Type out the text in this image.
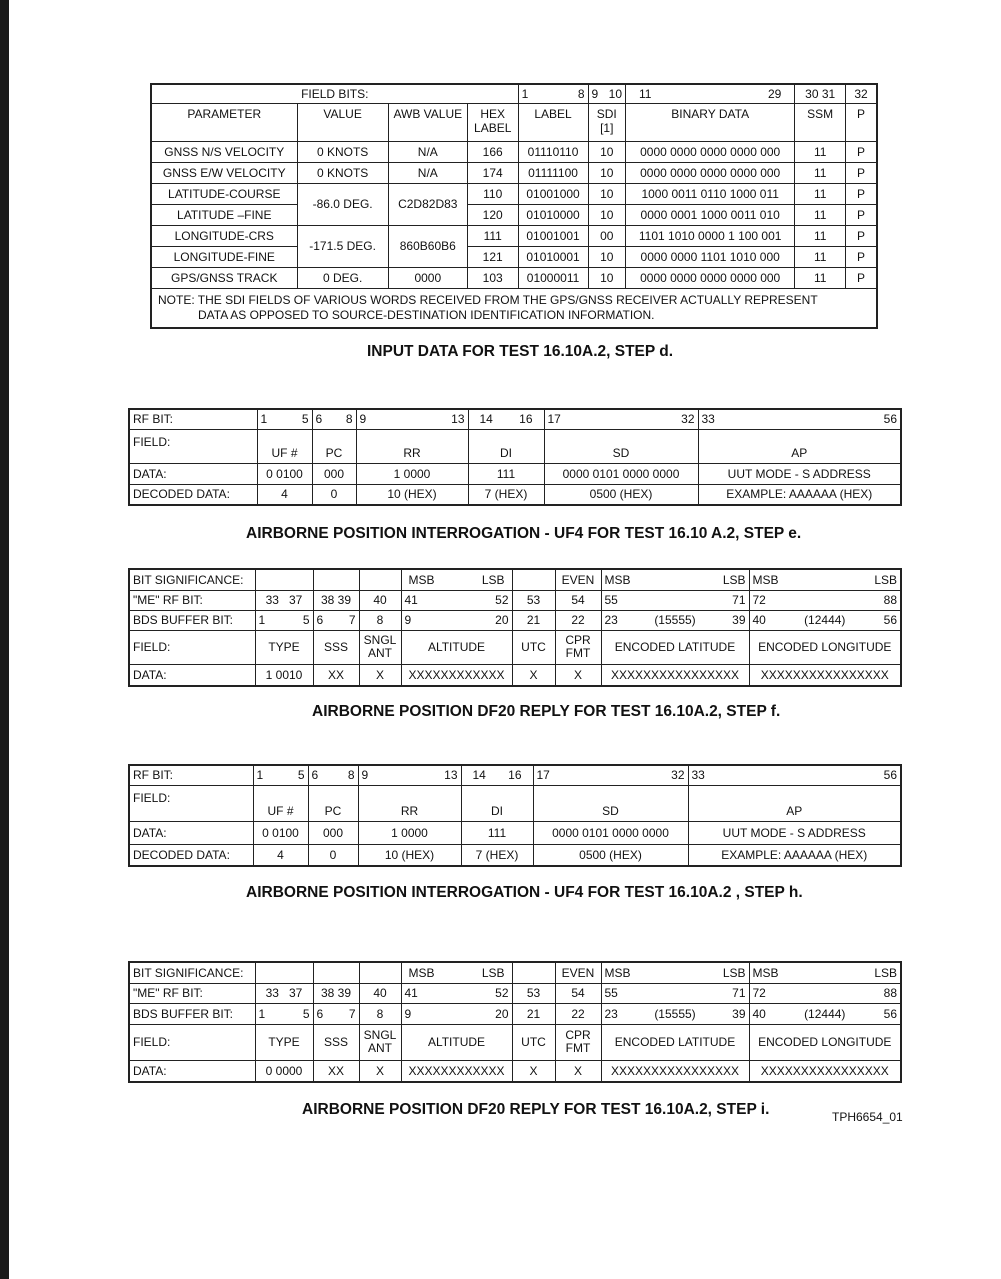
FIELD BITS:				1 8	9 10	11 29	30 31	32
PARAMETER	VALUE	AWB VALUE	HEX LABEL	LABEL	SDI [1]	BINARY DATA	SSM	P
GNSS N/S VELOCITY	0 KNOTS	N/A	166	01110110	10	0000 0000 0000 0000 000	11	P
GNSS E/W VELOCITY	0 KNOTS	N/A	174	01111100	10	0000 0000 0000 0000 000	11	P
LATITUDE-COURSE	-86.0 DEG.	C2D82D83	110	01001000	10	1000 0011 0110 1000 011	11	P
LATITUDE –FINE			120	01010000	10	0000 0001 1000 0011 010	11	P
LONGITUDE-CRS	-171.5 DEG.	860B60B6	111	01001001	00	1101 1010 0000 1 100 001	11	P
LONGITUDE-FINE			121	01010001	10	0000 0000 1101 1010 000	11	P
GPS/GNSS TRACK	0 DEG.	0000	103	01000011	10	0000 0000 0000 0000 000	11	P

NOTE: THE SDI FIELDS OF VARIOUS WORDS RECEIVED FROM THE GPS/GNSS RECEIVER ACTUALLY REPRESENT
DATA AS OPPOSED TO SOURCE-DESTINATION IDENTIFICATION INFORMATION.								
INPUT DATA FOR TEST 16.10A.2, STEP d.
RF BIT:	1 5	6 8	9 13	14 16	17 32	33 56

FIELD:	UF #	PC	RR	DI	SD	AP
DATA:	0 0100	000	1 0000	111	0000 0101 0000 0000	UUT MODE - S ADDRESS
DECODED DATA:	4	0	10 (HEX)	7 (HEX)	0500 (HEX)	EXAMPLE: AAAAAA (HEX)
AIRBORNE POSITION INTERROGATION - UF4 FOR TEST 16.10 A.2, STEP e.
BIT SIGNIFICANCE:				MSB LSB		EVEN	MSB LSB	MSB LSB

"ME" RF BIT:	33 37	38 39	40	41 52	53	54	55 71	72 88

BDS BUFFER BIT:	1 5	6 7	8	9 20	21	22	23 (15555) 39	40 (12444) 56

FIELD:	TYPE	SSS	SNGL ANT	ALTITUDE	UTC	CPR FMT	ENCODED LATITUDE	ENCODED LONGITUDE
DATA:	1 0010	XX	X	XXXXXXXXXXXX	X	X	XXXXXXXXXXXXXXXX	XXXXXXXXXXXXXXXX
AIRBORNE POSITION DF20 REPLY FOR TEST 16.10A.2, STEP f.
RF BIT:	1 5	6 8	9 13	14 16	17 32	33 56

FIELD:	UF #	PC	RR	DI	SD	AP
DATA:	0 0100	000	1 0000	111	0000 0101 0000 0000	UUT MODE - S ADDRESS
DECODED DATA:	4	0	10 (HEX)	7 (HEX)	0500 (HEX)	EXAMPLE: AAAAAA (HEX)
AIRBORNE POSITION INTERROGATION - UF4 FOR TEST 16.10A.2 , STEP h.
BIT SIGNIFICANCE:				MSB LSB		EVEN	MSB LSB	MSB LSB

"ME" RF BIT:	33 37	38 39	40	41 52	53	54	55 71	72 88

BDS BUFFER BIT:	1 5	6 7	8	9 20	21	22	23 (15555) 39	40 (12444) 56

FIELD:	TYPE	SSS	SNGL ANT	ALTITUDE	UTC	CPR FMT	ENCODED LATITUDE	ENCODED LONGITUDE
DATA:	0 0000	XX	X	XXXXXXXXXXXX	X	X	XXXXXXXXXXXXXXXX	XXXXXXXXXXXXXXXX
AIRBORNE POSITION DF20 REPLY FOR TEST 16.10A.2, STEP i.	TPH6654_01
